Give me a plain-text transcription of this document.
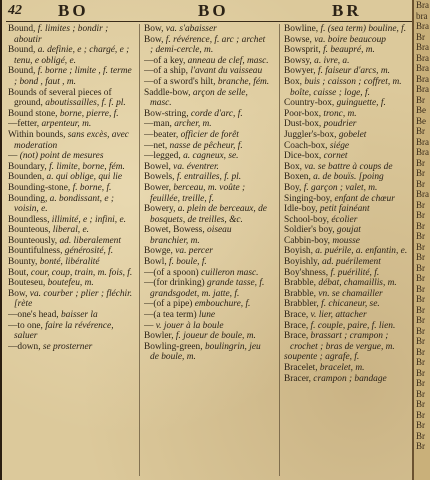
42 BO	BO	BR

Bound, f. limites ; bondir ; aboutir

Bound, a. definie, e ; chargé, e ; tenu, e obligé, e.

Bound, f. borne ; limite , f. terme ; bond , faut , m.

Bounds of several pieces of ground, aboutissailles, f. f. pl.

Bound stone, borne, pierre, f.

—fetter, arpenteur, m.

Within bounds, sans excès, avec moderation

— (not) point de mesures

Boundary, f. limite, borne, fém.

Bounden, a. qui oblige, qui lie

Bounding-stone, f. borne, f.

Bounding, a. bondissant, e ; voisin, e.

Boundless, illimité, e ; infini, e.

Bounteous, liberal, e.

Bounteously, ad. liberalement

Bountifulness, générosité, f.

Bounty, bonté, libéralité

Bout, cour, coup, train, m. fois, f.

Bouteseu, boutefeu, m.

Bow, va. courber ; plier ; fléchir. [rète

—one's head, baisser la

—to one, faire la révérence, saluer

—down, se prosterner

Bow, va. s'abaisser

Bow, f. révérence, f. arc ; archet ; demi-cercle, m.

—of a key, anneau de clef, masc.

—of a ship, l'avant du vaisseau

—of a sword's hilt, branche, fém.

Saddle-bow, arçon de selle, masc.

Bow-string, corde d'arc, f.

—man, archer, m.

—beater, officier de forêt

—net, nasse de pêcheur, f.

—legged, a. cagneux, se.

Bowel, va. éventrer.

Bowels, f. entrailles, f. pl.

Bower, berceau, m. voûte ; feuillée, treille, f.

Bowery, a. plein de berceaux, de bosquets, de treilles, &c.

Bowet, Bowess, oiseau branchier, m.

Bowge, va. percer

Bowl, f. boule, f.

—(of a spoon) cuilleron masc.

—(for drinking) grande tasse, f. grandsgodet, m. jatte, f.

—(of a pipe) embouchure, f.

—(a tea term) lune

— v. jouer à la boule

Bowler, f. joueur de boule, m.

Bowling-green, boulingrin, jeu de boule, m.

Bowline, f. (sea term) bouline, f.

Bowse, va. boire beaucoup

Bowsprit, f. beaupré, m.

Bowsy, a. ivre, a.

Bowyer, f. faiseur d'arcs, m.

Box, buis ; caisson ; coffret, m. boîte, caisse ; loge, f.

Country-box, guinguette, f.

Poor-box, tronc, m.

Dust-box, poudrier

Juggler's-box, gobelet

Coach-box, siége

Dice-box, cornet

Box, va. se battre à coups de

Boxen, a. de bouïs. [poing

Boy, f. garçon ; valet, m.

Singing-boy, enfant de chœur

Idle-boy, petit fainéant

School-boy, écolier

Soldier's boy, goujat

Cabbin-boy, mousse

Boyish, a. puérile, a. enfantin, e.

Boyishly, ad. puérilement

Boy'shness, f. puérilité, f.

Brabble, débat, chamaillis, m.

Brabble, vn. se chamailler

Brabbler, f. chicaneur, se.

Brace, v. lier, attacher

Brace, f. couple, paire, f. lien.

Brace, brassart ; crampon ; crochet ; bras de vergue, m.

soupente ; agrafe, f.

Bracelet, bracelet, m.

Bracer, crampon ; bandage

Bra
bra
Bra
Br
Bra
Bra
Bra
Bra
Bra
Br
Be
Be
Br
Bra
Bra
Br
Br
Br
Bra
Br
Br
Br
Br
Br
Br
Br
Br
Br
Br
Br
Br
Br
Br
Br
Br
Br
Br
Br
Br
Br
Br
Br
Br
